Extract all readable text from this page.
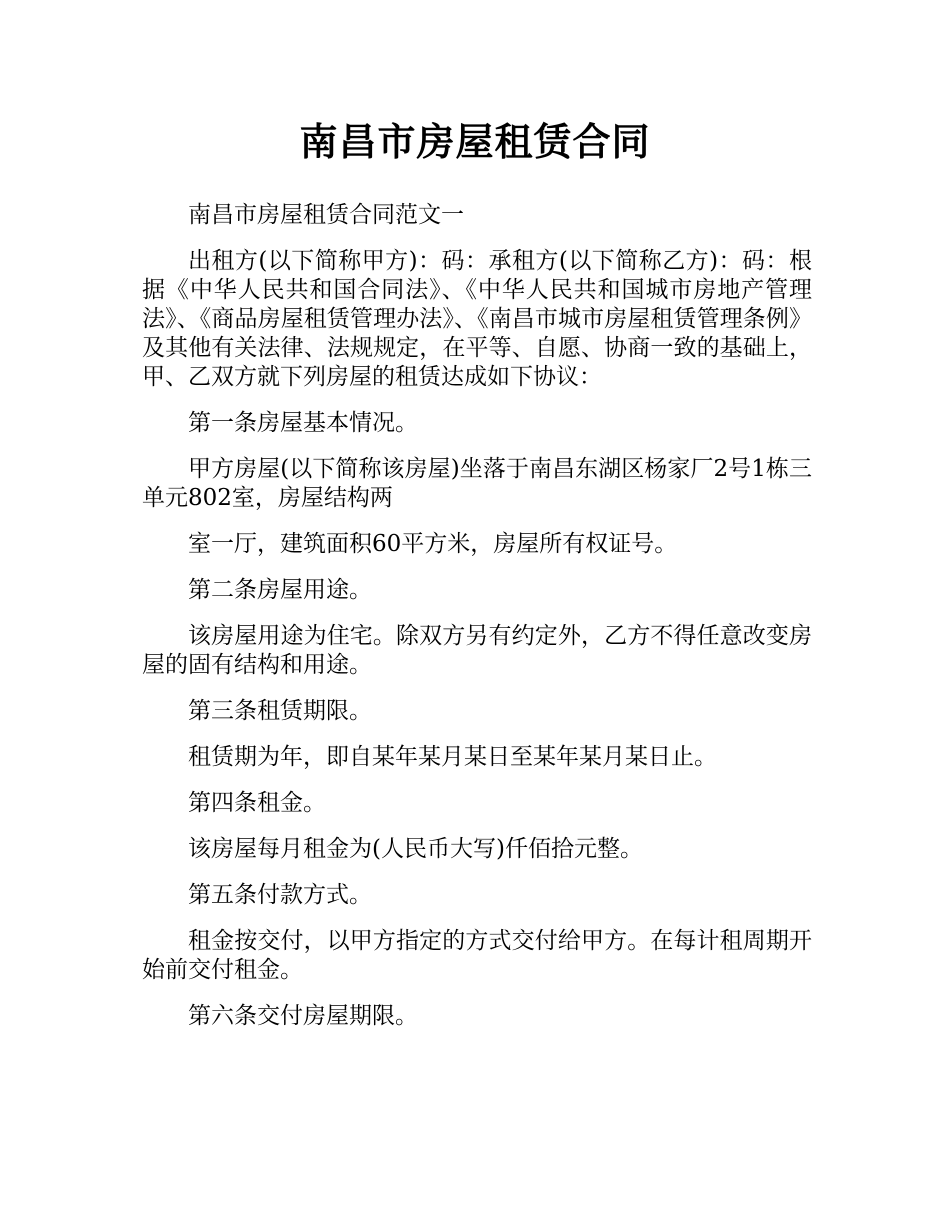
南昌市房屋租赁合同

南昌市房屋租赁合同范文一

出租方(以下简称甲方)：码：承租方(以下简称乙方)：码：根据《中华人民共和国合同法》、《中华人民共和国城市房地产管理法》、《商品房屋租赁管理办法》、《南昌市城市房屋租赁管理条例》及其他有关法律、法规规定，在平等、自愿、协商一致的基础上，甲、乙双方就下列房屋的租赁达成如下协议：

第一条房屋基本情况。

甲方房屋(以下简称该房屋)坐落于南昌东湖区杨家厂2号1栋三单元802室，房屋结构两

室一厅，建筑面积60平方米，房屋所有权证号。

第二条房屋用途。

该房屋用途为住宅。除双方另有约定外，乙方不得任意改变房屋的固有结构和用途。

第三条租赁期限。

租赁期为年，即自某年某月某日至某年某月某日止。

第四条租金。

该房屋每月租金为(人民币大写)仟佰拾元整。

第五条付款方式。

租金按交付，以甲方指定的方式交付给甲方。在每计租周期开始前交付租金。

第六条交付房屋期限。
